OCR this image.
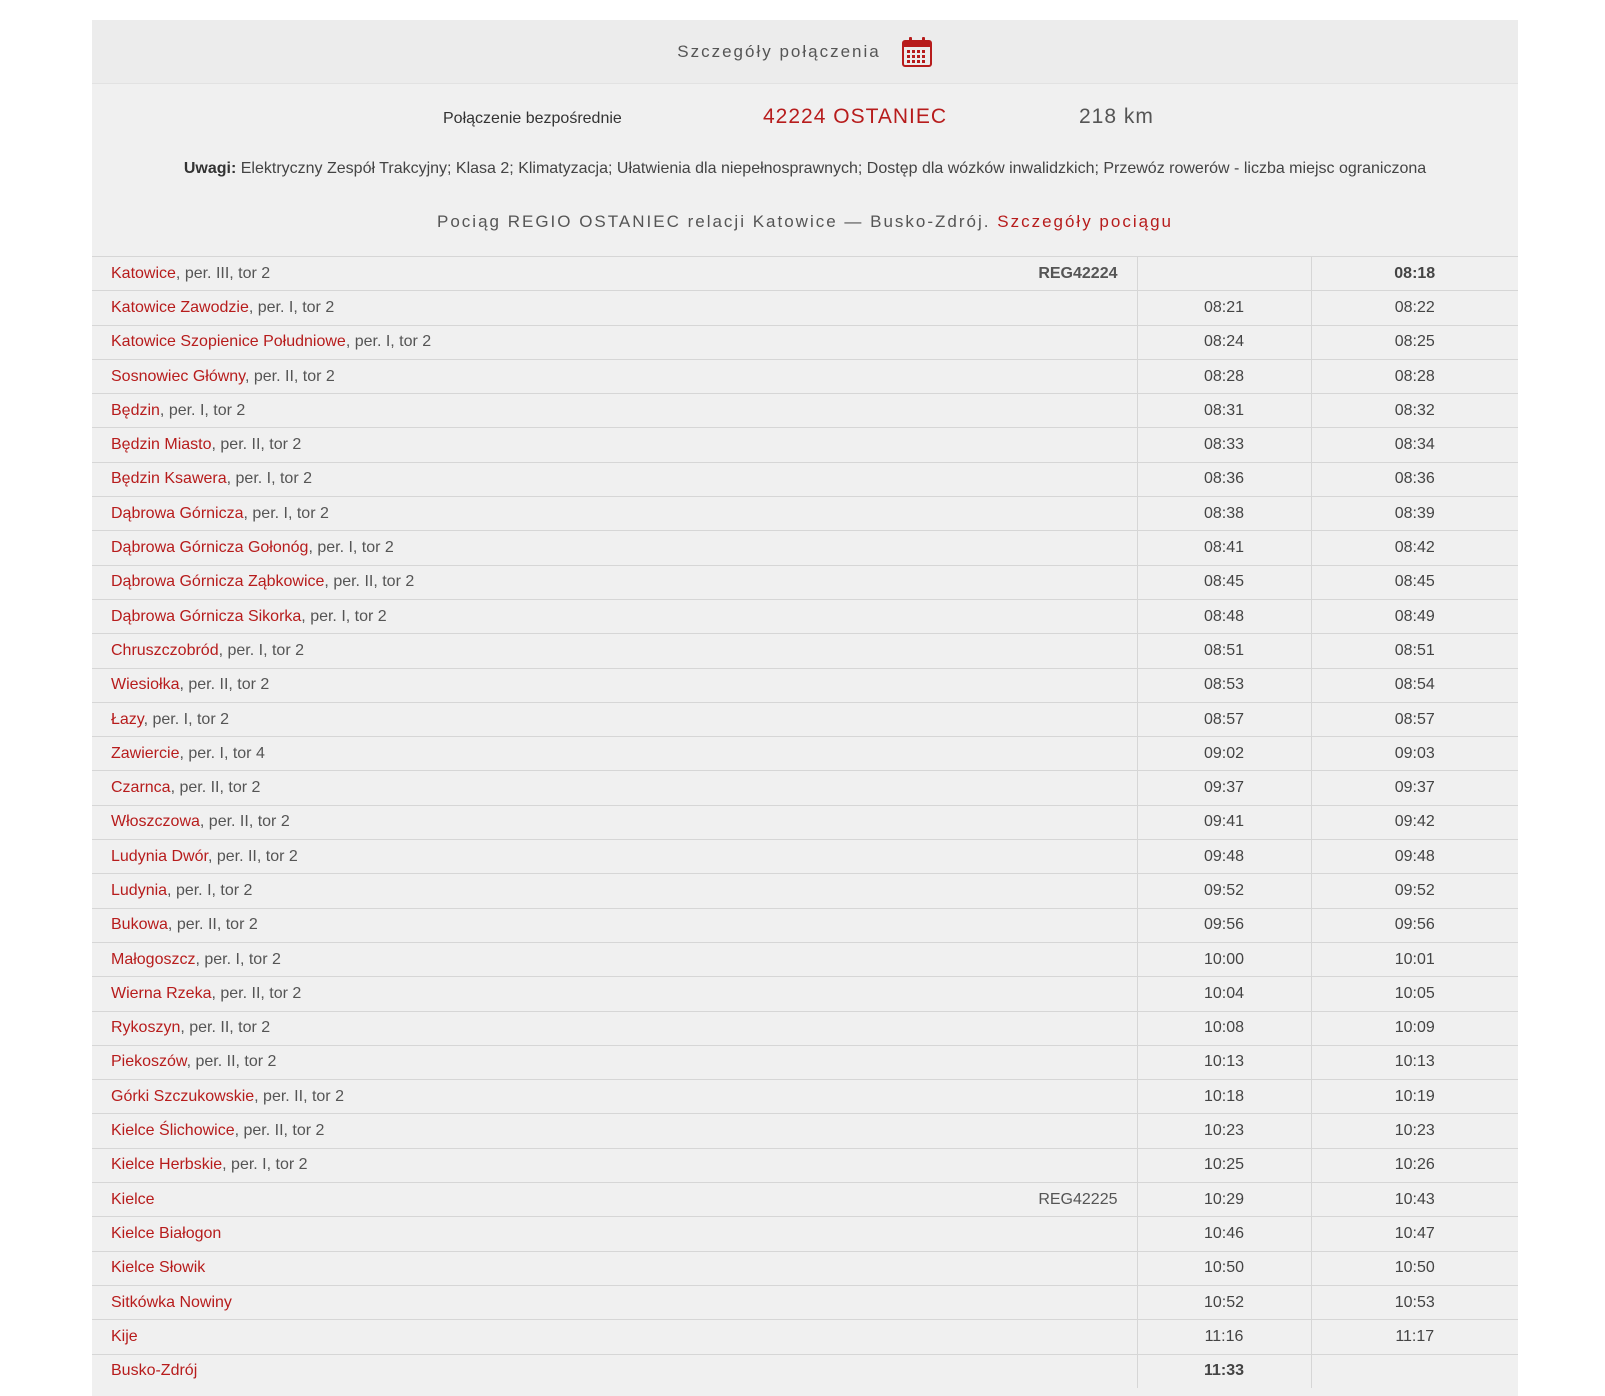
Szczegóły połączenia
Połączenie bezpośrednie	42224 OSTANIEC	218 km
Uwagi: Elektryczny Zespół Trakcyjny; Klasa 2; Klimatyzacja; Ułatwienia dla niepełnosprawnych; Dostęp dla wózków inwalidzkich; Przewóz rowerów - liczba miejsc ograniczona
Pociąg REGIO OSTANIEC relacji Katowice — Busko-Zdrój. Szczegóły pociągu
Katowice, per. III, tor 2 REG42224		08:18
Katowice Zawodzie, per. I, tor 2	08:21	08:22
Katowice Szopienice Południowe, per. I, tor 2	08:24	08:25
Sosnowiec Główny, per. II, tor 2	08:28	08:28
Będzin, per. I, tor 2	08:31	08:32
Będzin Miasto, per. II, tor 2	08:33	08:34
Będzin Ksawera, per. I, tor 2	08:36	08:36
Dąbrowa Górnicza, per. I, tor 2	08:38	08:39
Dąbrowa Górnicza Gołonóg, per. I, tor 2	08:41	08:42
Dąbrowa Górnicza Ząbkowice, per. II, tor 2	08:45	08:45
Dąbrowa Górnicza Sikorka, per. I, tor 2	08:48	08:49
Chruszczobród, per. I, tor 2	08:51	08:51
Wiesiołka, per. II, tor 2	08:53	08:54
Łazy, per. I, tor 2	08:57	08:57
Zawiercie, per. I, tor 4	09:02	09:03
Czarnca, per. II, tor 2	09:37	09:37
Włoszczowa, per. II, tor 2	09:41	09:42
Ludynia Dwór, per. II, tor 2	09:48	09:48
Ludynia, per. I, tor 2	09:52	09:52
Bukowa, per. II, tor 2	09:56	09:56
Małogoszcz, per. I, tor 2	10:00	10:01
Wierna Rzeka, per. II, tor 2	10:04	10:05
Rykoszyn, per. II, tor 2	10:08	10:09
Piekoszów, per. II, tor 2	10:13	10:13
Górki Szczukowskie, per. II, tor 2	10:18	10:19
Kielce Ślichowice, per. II, tor 2	10:23	10:23
Kielce Herbskie, per. I, tor 2	10:25	10:26
Kielce REG42225	10:29	10:43
Kielce Białogon	10:46	10:47
Kielce Słowik	10:50	10:50
Sitkówka Nowiny	10:52	10:53
Kije	11:16	11:17
Busko-Zdrój	11:33	
